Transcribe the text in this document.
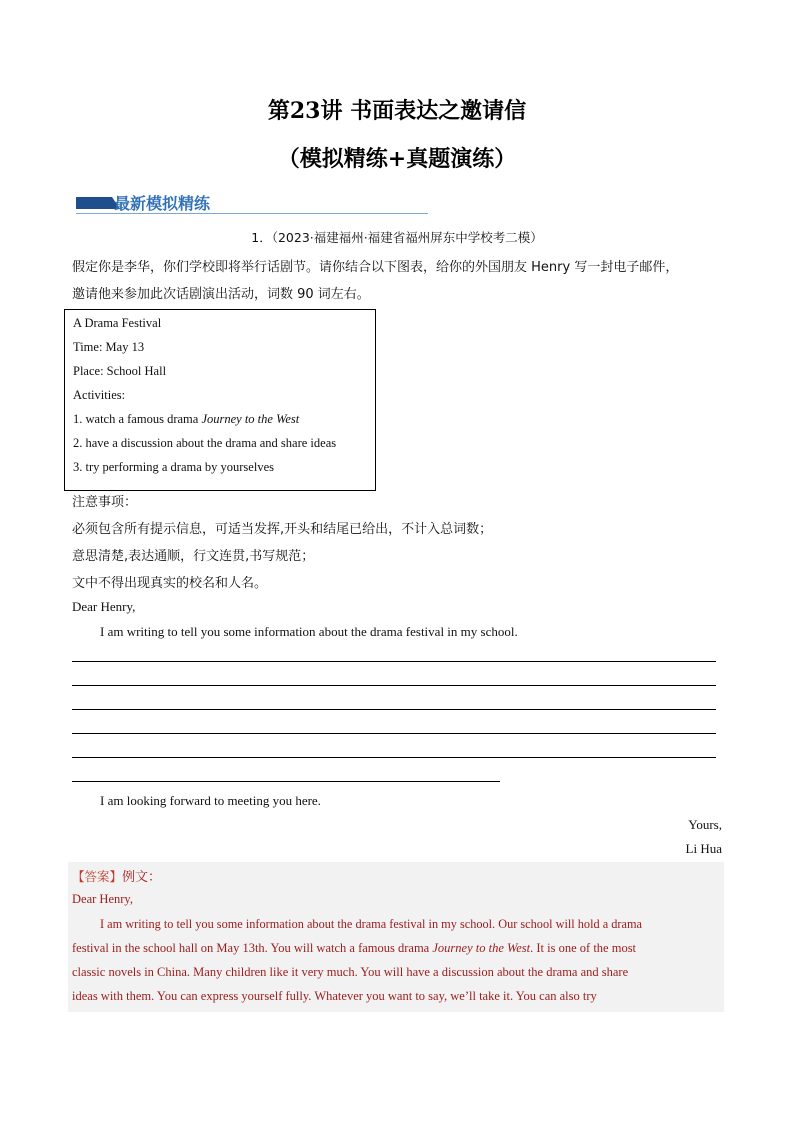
第23讲 书面表达之邀请信
（模拟精练+真题演练）
最新模拟精练
1．（2023·福建福州·福建省福州屏东中学校考二模）
假定你是李华，你们学校即将举行话剧节。请你结合以下图表，给你的外国朋友 Henry 写一封电子邮件，
邀请他来参加此次话剧演出活动，词数 90 词左右。
A Drama Festival
Time: May 13
Place: School Hall
Activities:
1. watch a famous drama Journey to the West
2. have a discussion about the drama and share ideas
3. try performing a drama by yourselves
注意事项：
必须包含所有提示信息，可适当发挥,开头和结尾已给出，不计入总词数；
意思清楚,表达通顺，行文连贯,书写规范；
文中不得出现真实的校名和人名。
Dear Henry,
I am writing to tell you some information about the drama festival in my school.
I am looking forward to meeting you here.
Yours,
Li Hua
【答案】例文：
Dear Henry,
I am writing to tell you some information about the drama festival in my school. Our school will hold a drama
festival in the school hall on May 13th. You will watch a famous drama Journey to the West. It is one of the most
classic novels in China. Many children like it very much. You will have a discussion about the drama and share
ideas with them. You can express yourself fully. Whatever you want to say, we’ll take it. You can also try
